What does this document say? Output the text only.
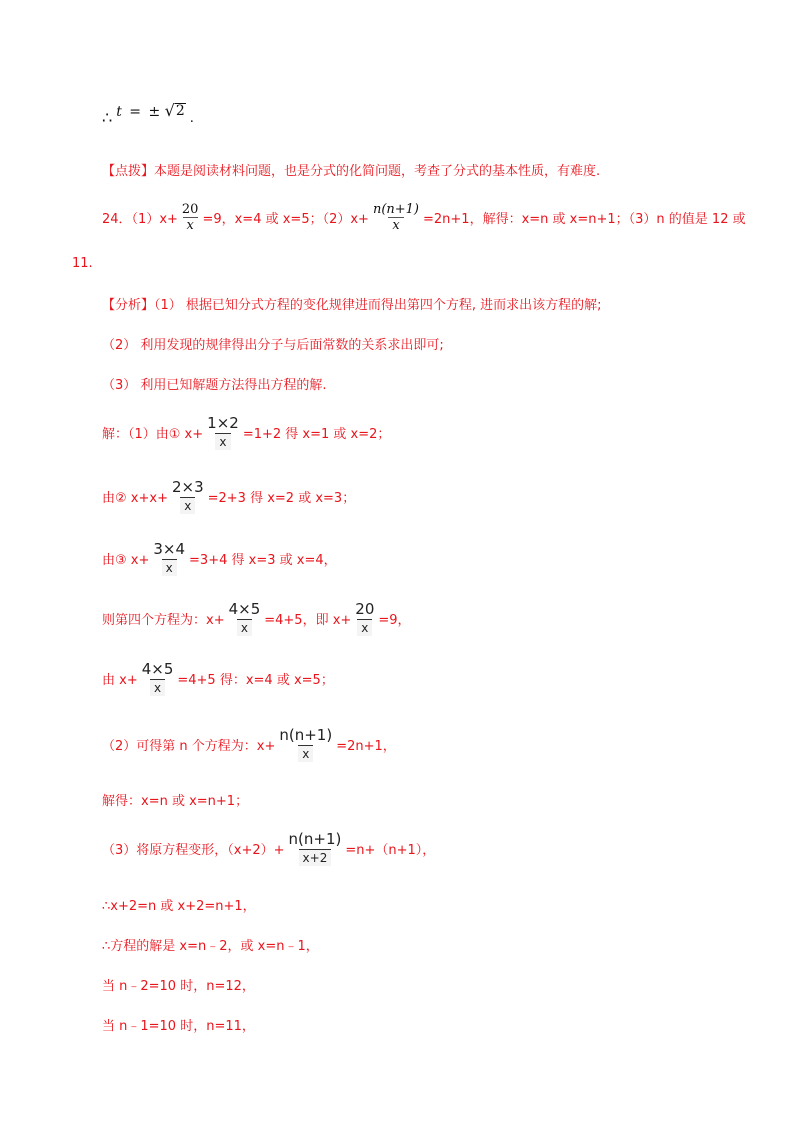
∴ t = ± √ 2 .
【点拨】本题是阅读材料问题，也是分式的化简问题，考查了分式的基本性质，有难度.
24．$(1)x+ \frac{20}{x} =9$，x=4 或 x=5；$(2)x+ \frac{n(n+1)}{x} =2n+1$，解得：x=n 或 x=n+1；（3）n 的值是 12 或
11.
【分析】（1） 根据已知分式方程的变化规律进而得出第四个方程, 进而求出该方程的解;
（2） 利用发现的规律得出分子与后面常数的关系求出即可;
（3） 利用已知解题方法得出方程的解.
解：（1）由① $x+ \frac{1\times 2}{x} =1+2$ 得 x=1 或 x=2；
由② $x+x+ \frac{2\times 3}{x} =2+3$ 得 x=2 或 x=3；
由③ $x+ \frac{3\times 4}{x} =3+4$ 得 x=3 或 x=4，
则第四个方程为：$x+ \frac{4\times 5}{x} =4+5$，即 $x+ \frac{20}{x} =9$，
由 $x+ \frac{4\times 5}{x} =4+5$ 得：x=4 或 x=5；
（2）可得第 n 个方程为：$x+ \frac{n(n+1)}{x} =2n+1$，
解得：x=n 或 x=n+1；
（3）将原方程变形，$(x+2)+ \frac{n(n+1)}{x+2} =n+(n+1)$，
∴x+2=n 或 x+2=n+1，
∴方程的解是 x=n﹣2，或 x=n﹣1，
当 n﹣2=10 时，n=12，
当 n﹣1=10 时，n=11，
